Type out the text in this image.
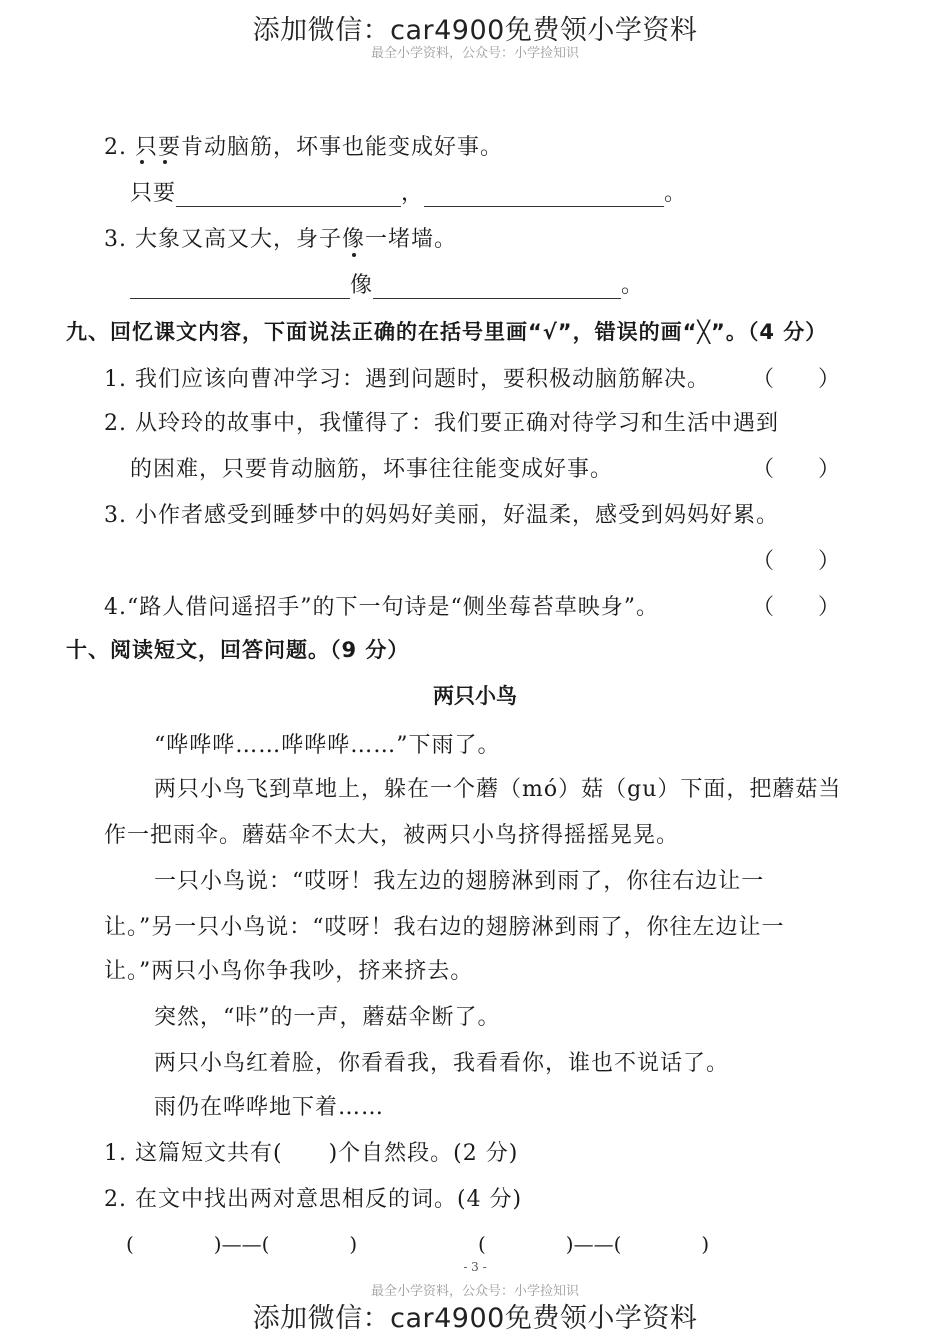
添加微信：car4900免费领小学资料
最全小学资料，公众号：小学捡知识
2. 只要肯动脑筋，坏事也能变成好事。
只要	，	。
3. 大象又高又大，身子像一堵墙。
像	。
九、回忆课文内容，下面说法正确的在括号里画“√”，错误的画“╳”。（4 分）
1. 我们应该向曹冲学习：遇到问题时，要积极动脑筋解决。 （　　）
2. 从玲玲的故事中，我懂得了：我们要正确对待学习和生活中遇到
的困难，只要肯动脑筋，坏事往往能变成好事。	（　　）
3. 小作者感受到睡梦中的妈妈好美丽，好温柔，感受到妈妈好累。
（　　）
4.“路人借问遥招手”的下一句诗是“侧坐莓苔草映身”。	（　　）
十、阅读短文，回答问题。（9 分）
两只小鸟
“哗哗哗……哗哗哗……”下雨了。
两只小鸟飞到草地上，躲在一个蘑（mó）菇（gu）下面，把蘑菇当
作一把雨伞。蘑菇伞不太大，被两只小鸟挤得摇摇晃晃。
一只小鸟说：“哎呀！我左边的翅膀淋到雨了，你往右边让一
让。”另一只小鸟说：“哎呀！我右边的翅膀淋到雨了，你往左边让一
让。”两只小鸟你争我吵，挤来挤去。
突然，“咔”的一声，蘑菇伞断了。
两只小鸟红着脸，你看看我，我看看你，谁也不说话了。
雨仍在哗哗地下着……
1. 这篇短文共有(　　)个自然段。(2 分)
2. 在文中找出两对意思相反的词。(4 分)
(　　　　)——(　　　　)	(　　　　)——(　　　　)
- 3 -
最全小学资料，公众号：小学捡知识
添加微信：car4900免费领小学资料
